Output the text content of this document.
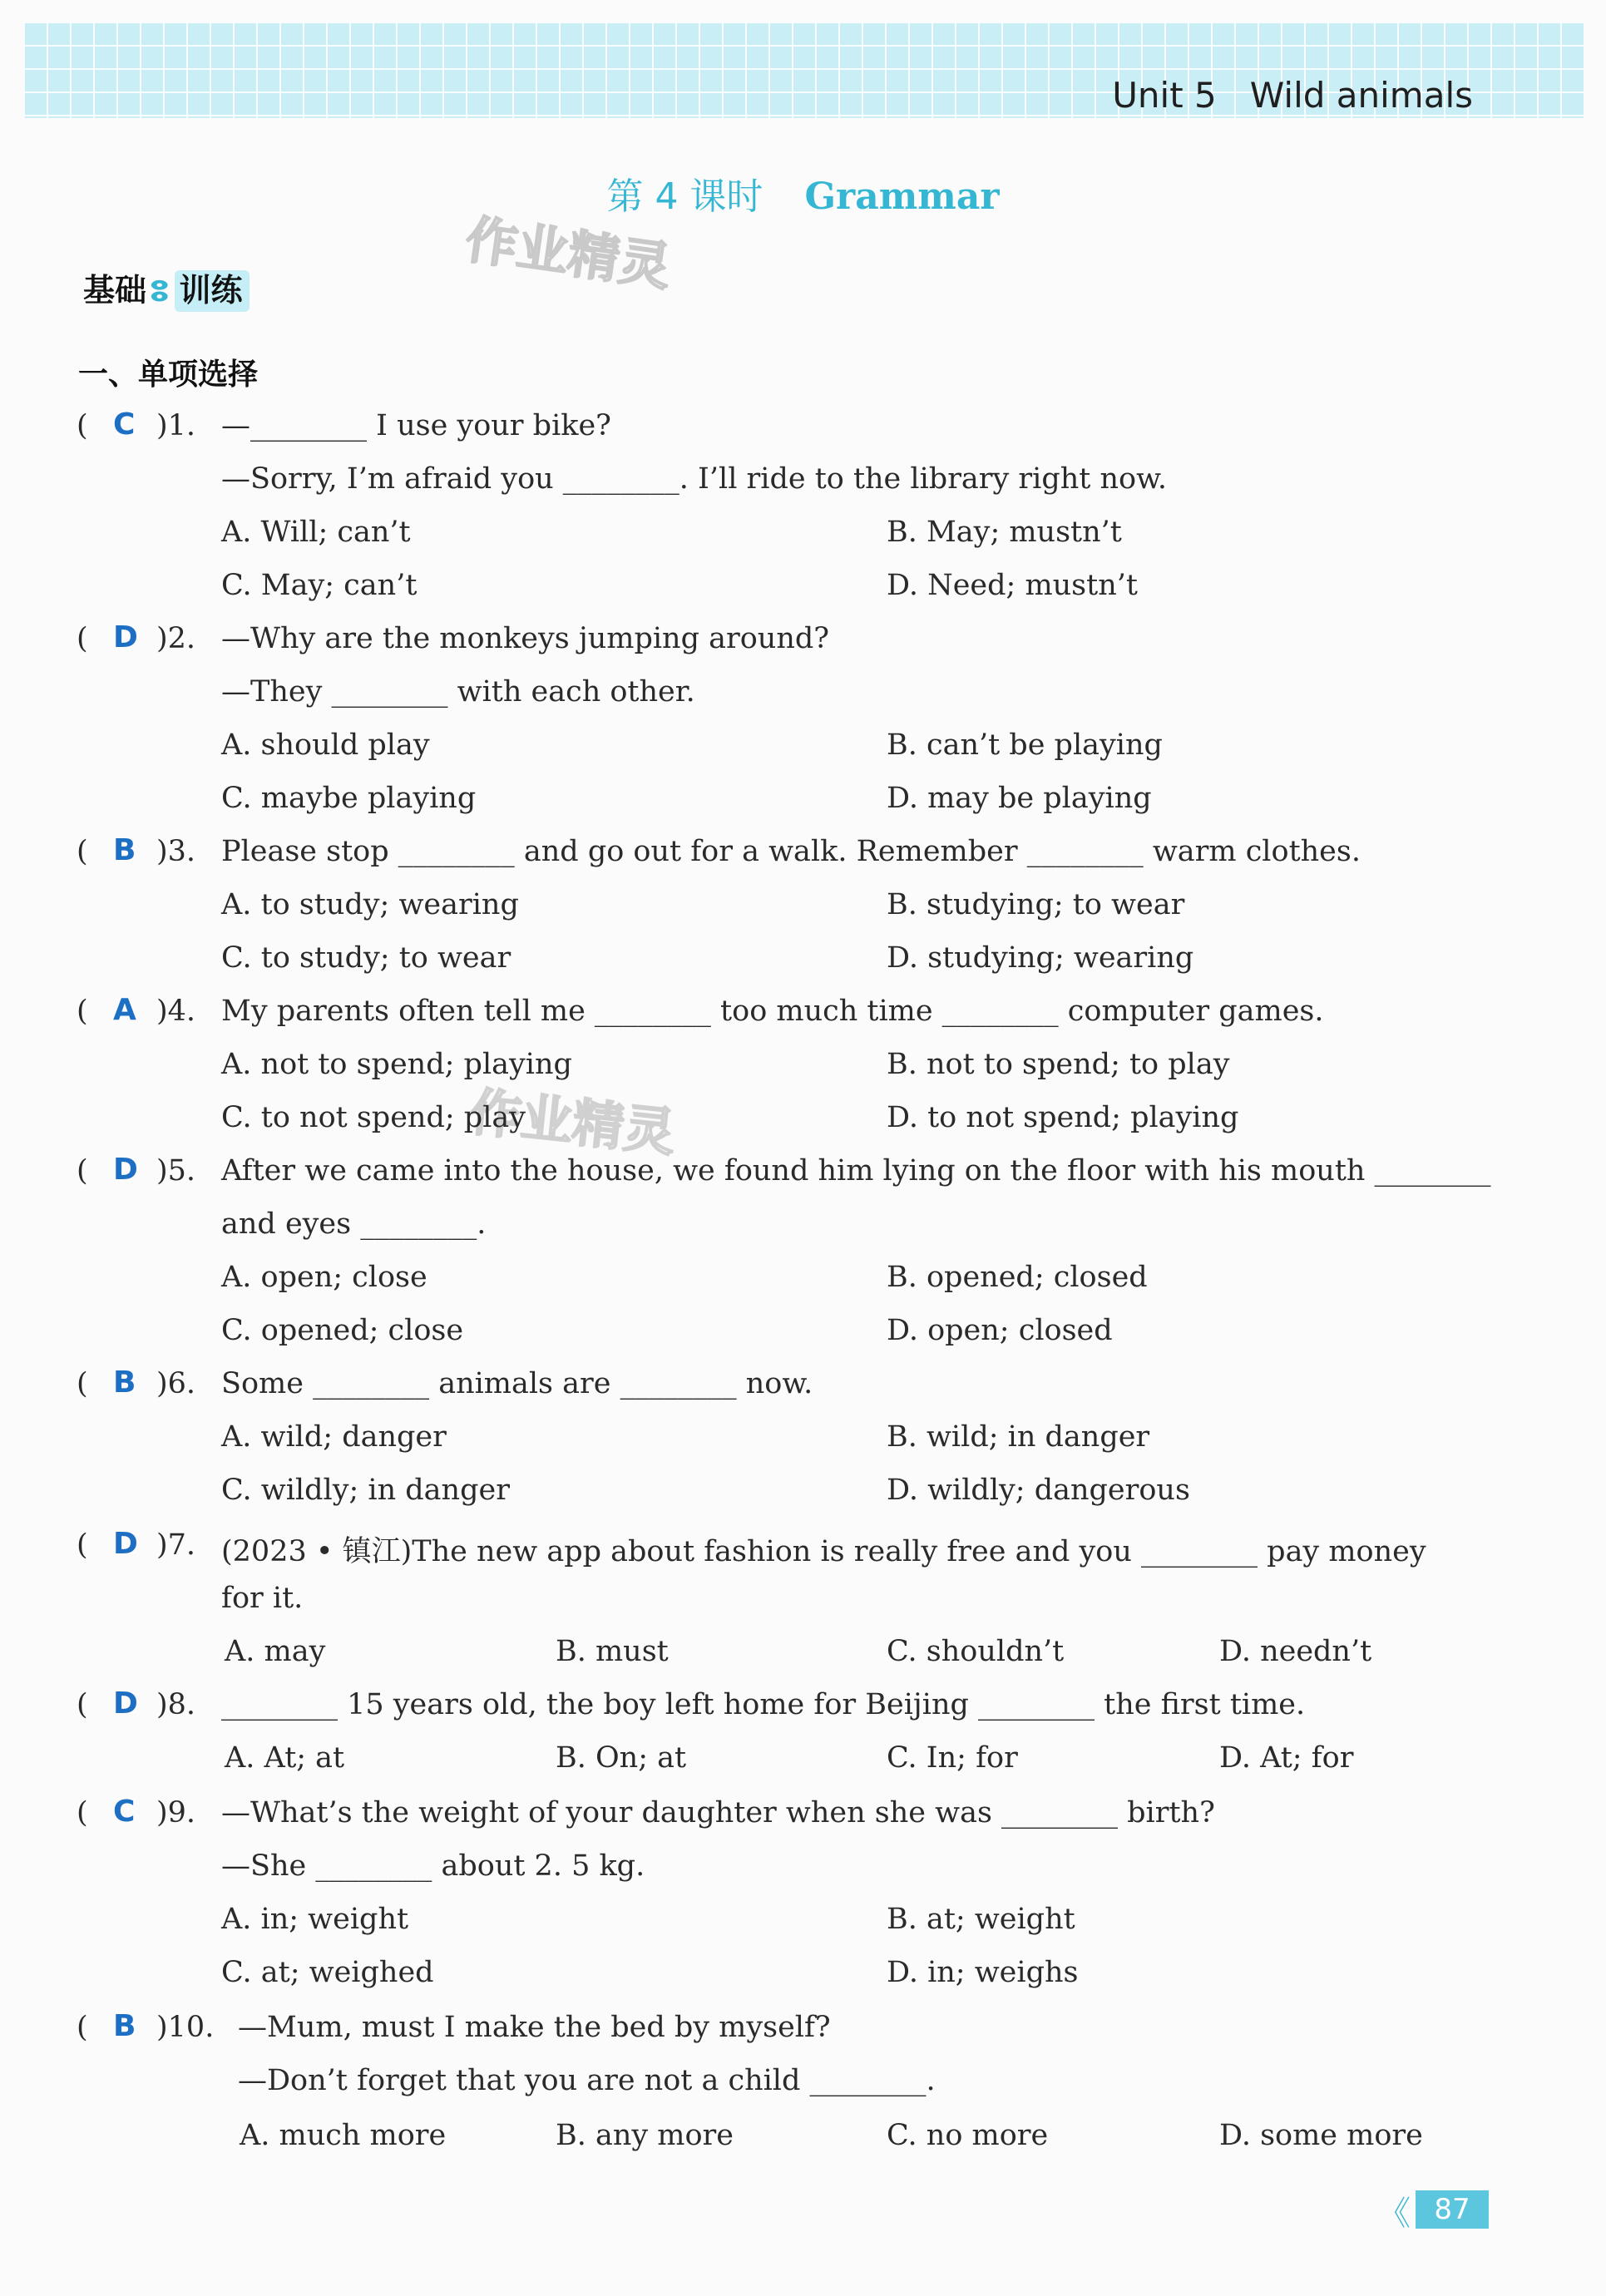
Unit 5   Wild animals
第 4 课时 Grammar
作业精灵
作业精灵
基础 ⵓ 训练
一、单项选择
( C )1. —________ I use your bike?
—Sorry, I’m afraid you ________. I’ll ride to the library right now.
A. Will; can’t	B. May; mustn’t
C. May; can’t	D. Need; mustn’t
( D )2. —Why are the monkeys jumping around?
—They ________ with each other.
A. should play	B. can’t be playing
C. maybe playing	D. may be playing
( B )3. Please stop ________ and go out for a walk. Remember ________ warm clothes.
A. to study; wearing	B. studying; to wear
C. to study; to wear	D. studying; wearing
( A )4. My parents often tell me ________ too much time ________ computer games.
A. not to spend; playing	B. not to spend; to play
C. to not spend; play	D. to not spend; playing
( D )5. After we came into the house, we found him lying on the floor with his mouth ________
and eyes ________.
A. open; close	B. opened; closed
C. opened; close	D. open; closed
( B )6. Some ________ animals are ________ now.
A. wild; danger	B. wild; in danger
C. wildly; in danger	D. wildly; dangerous
( D )7. (2023 • 镇江)The new app about fashion is really free and you ________ pay money
for it.
A. may	B. must	C. shouldn’t	D. needn’t
( D )8. ________ 15 years old, the boy left home for Beijing ________ the first time.
A. At; at	B. On; at	C. In; for	D. At; for
( C )9. —What’s the weight of your daughter when she was ________ birth?
—She ________ about 2. 5 kg.
A. in; weight	B. at; weight
C. at; weighed	D. in; weighs
( B )10. —Mum, must I make the bed by myself?
—Don’t forget that you are not a child ________.
A. much more	B. any more	C. no more	D. some more
《 87
